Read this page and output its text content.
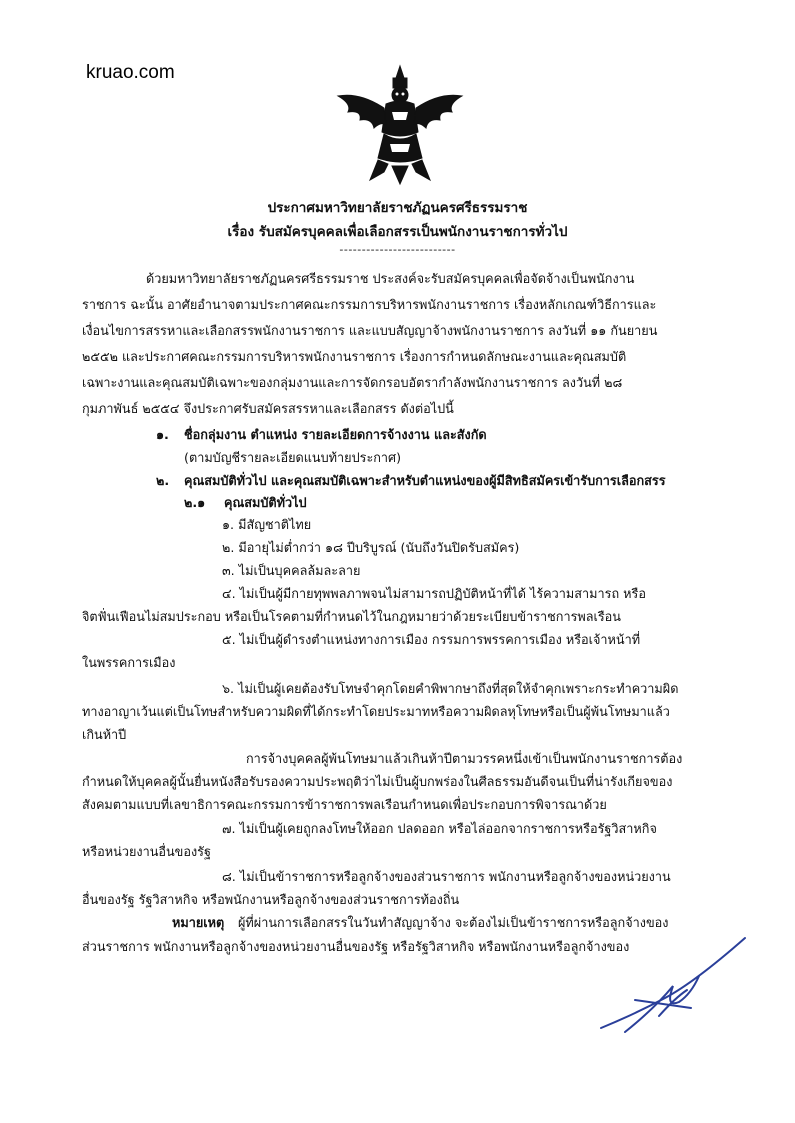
kruao.com
ประกาศมหาวิทยาลัยราชภัฏนครศรีธรรมราช
เรื่อง รับสมัครบุคคลเพื่อเลือกสรรเป็นพนักงานราชการทั่วไป
--------------------------
ด้วยมหาวิทยาลัยราชภัฏนครศรีธรรมราช ประสงค์จะรับสมัครบุคคลเพื่อจัดจ้างเป็นพนักงาน
ราชการ ฉะนั้น อาศัยอำนาจตามประกาศคณะกรรมการบริหารพนักงานราชการ เรื่องหลักเกณฑ์วิธีการและ
เงื่อนไขการสรรหาและเลือกสรรพนักงานราชการ และแบบสัญญาจ้างพนักงานราชการ ลงวันที่ ๑๑ กันยายน
๒๕๕๒ และประกาศคณะกรรมการบริหารพนักงานราชการ เรื่องการกำหนดลักษณะงานและคุณสมบัติ
เฉพาะงานและคุณสมบัติเฉพาะของกลุ่มงานและการจัดกรอบอัตรากำลังพนักงานราชการ ลงวันที่ ๒๘
กุมภาพันธ์ ๒๕๕๔ จึงประกาศรับสมัครสรรหาและเลือกสรร ดังต่อไปนี้
๑. ชื่อกลุ่มงาน ตำแหน่ง รายละเอียดการจ้างงาน และสังกัด
(ตามบัญชีรายละเอียดแนบท้ายประกาศ)
๒. คุณสมบัติทั่วไป และคุณสมบัติเฉพาะสำหรับตำแหน่งของผู้มีสิทธิสมัครเข้ารับการเลือกสรร
๒.๑ คุณสมบัติทั่วไป
๑. มีสัญชาติไทย
๒. มีอายุไม่ต่ำกว่า ๑๘ ปีบริบูรณ์ (นับถึงวันปิดรับสมัคร)
๓. ไม่เป็นบุคคลล้มละลาย
๔. ไม่เป็นผู้มีกายทุพพลภาพจนไม่สามารถปฏิบัติหน้าที่ได้ ไร้ความสามารถ หรือ
จิตฟั่นเฟือนไม่สมประกอบ หรือเป็นโรคตามที่กำหนดไว้ในกฎหมายว่าด้วยระเบียบข้าราชการพลเรือน
๕. ไม่เป็นผู้ดำรงตำแหน่งทางการเมือง กรรมการพรรคการเมือง หรือเจ้าหน้าที่
ในพรรคการเมือง
๖. ไม่เป็นผู้เคยต้องรับโทษจำคุกโดยคำพิพากษาถึงที่สุดให้จำคุกเพราะกระทำความผิด
ทางอาญาเว้นแต่เป็นโทษสำหรับความผิดที่ได้กระทำโดยประมาทหรือความผิดลหุโทษหรือเป็นผู้พ้นโทษมาแล้ว
เกินห้าปี
การจ้างบุคคลผู้พ้นโทษมาแล้วเกินห้าปีตามวรรคหนึ่งเข้าเป็นพนักงานราชการต้อง
กำหนดให้บุคคลผู้นั้นยื่นหนังสือรับรองความประพฤติว่าไม่เป็นผู้บกพร่องในศีลธรรมอันดีจนเป็นที่น่ารังเกียจของ
สังคมตามแบบที่เลขาธิการคณะกรรมการข้าราชการพลเรือนกำหนดเพื่อประกอบการพิจารณาด้วย
๗. ไม่เป็นผู้เคยถูกลงโทษให้ออก ปลดออก หรือไล่ออกจากราชการหรือรัฐวิสาหกิจ
หรือหน่วยงานอื่นของรัฐ
๘. ไม่เป็นข้าราชการหรือลูกจ้างของส่วนราชการ พนักงานหรือลูกจ้างของหน่วยงาน
อื่นของรัฐ รัฐวิสาหกิจ หรือพนักงานหรือลูกจ้างของส่วนราชการท้องถิ่น
หมายเหตุ ผู้ที่ผ่านการเลือกสรรในวันทำสัญญาจ้าง จะต้องไม่เป็นข้าราชการหรือลูกจ้างของ
ส่วนราชการ พนักงานหรือลูกจ้างของหน่วยงานอื่นของรัฐ หรือรัฐวิสาหกิจ หรือพนักงานหรือลูกจ้างของ
